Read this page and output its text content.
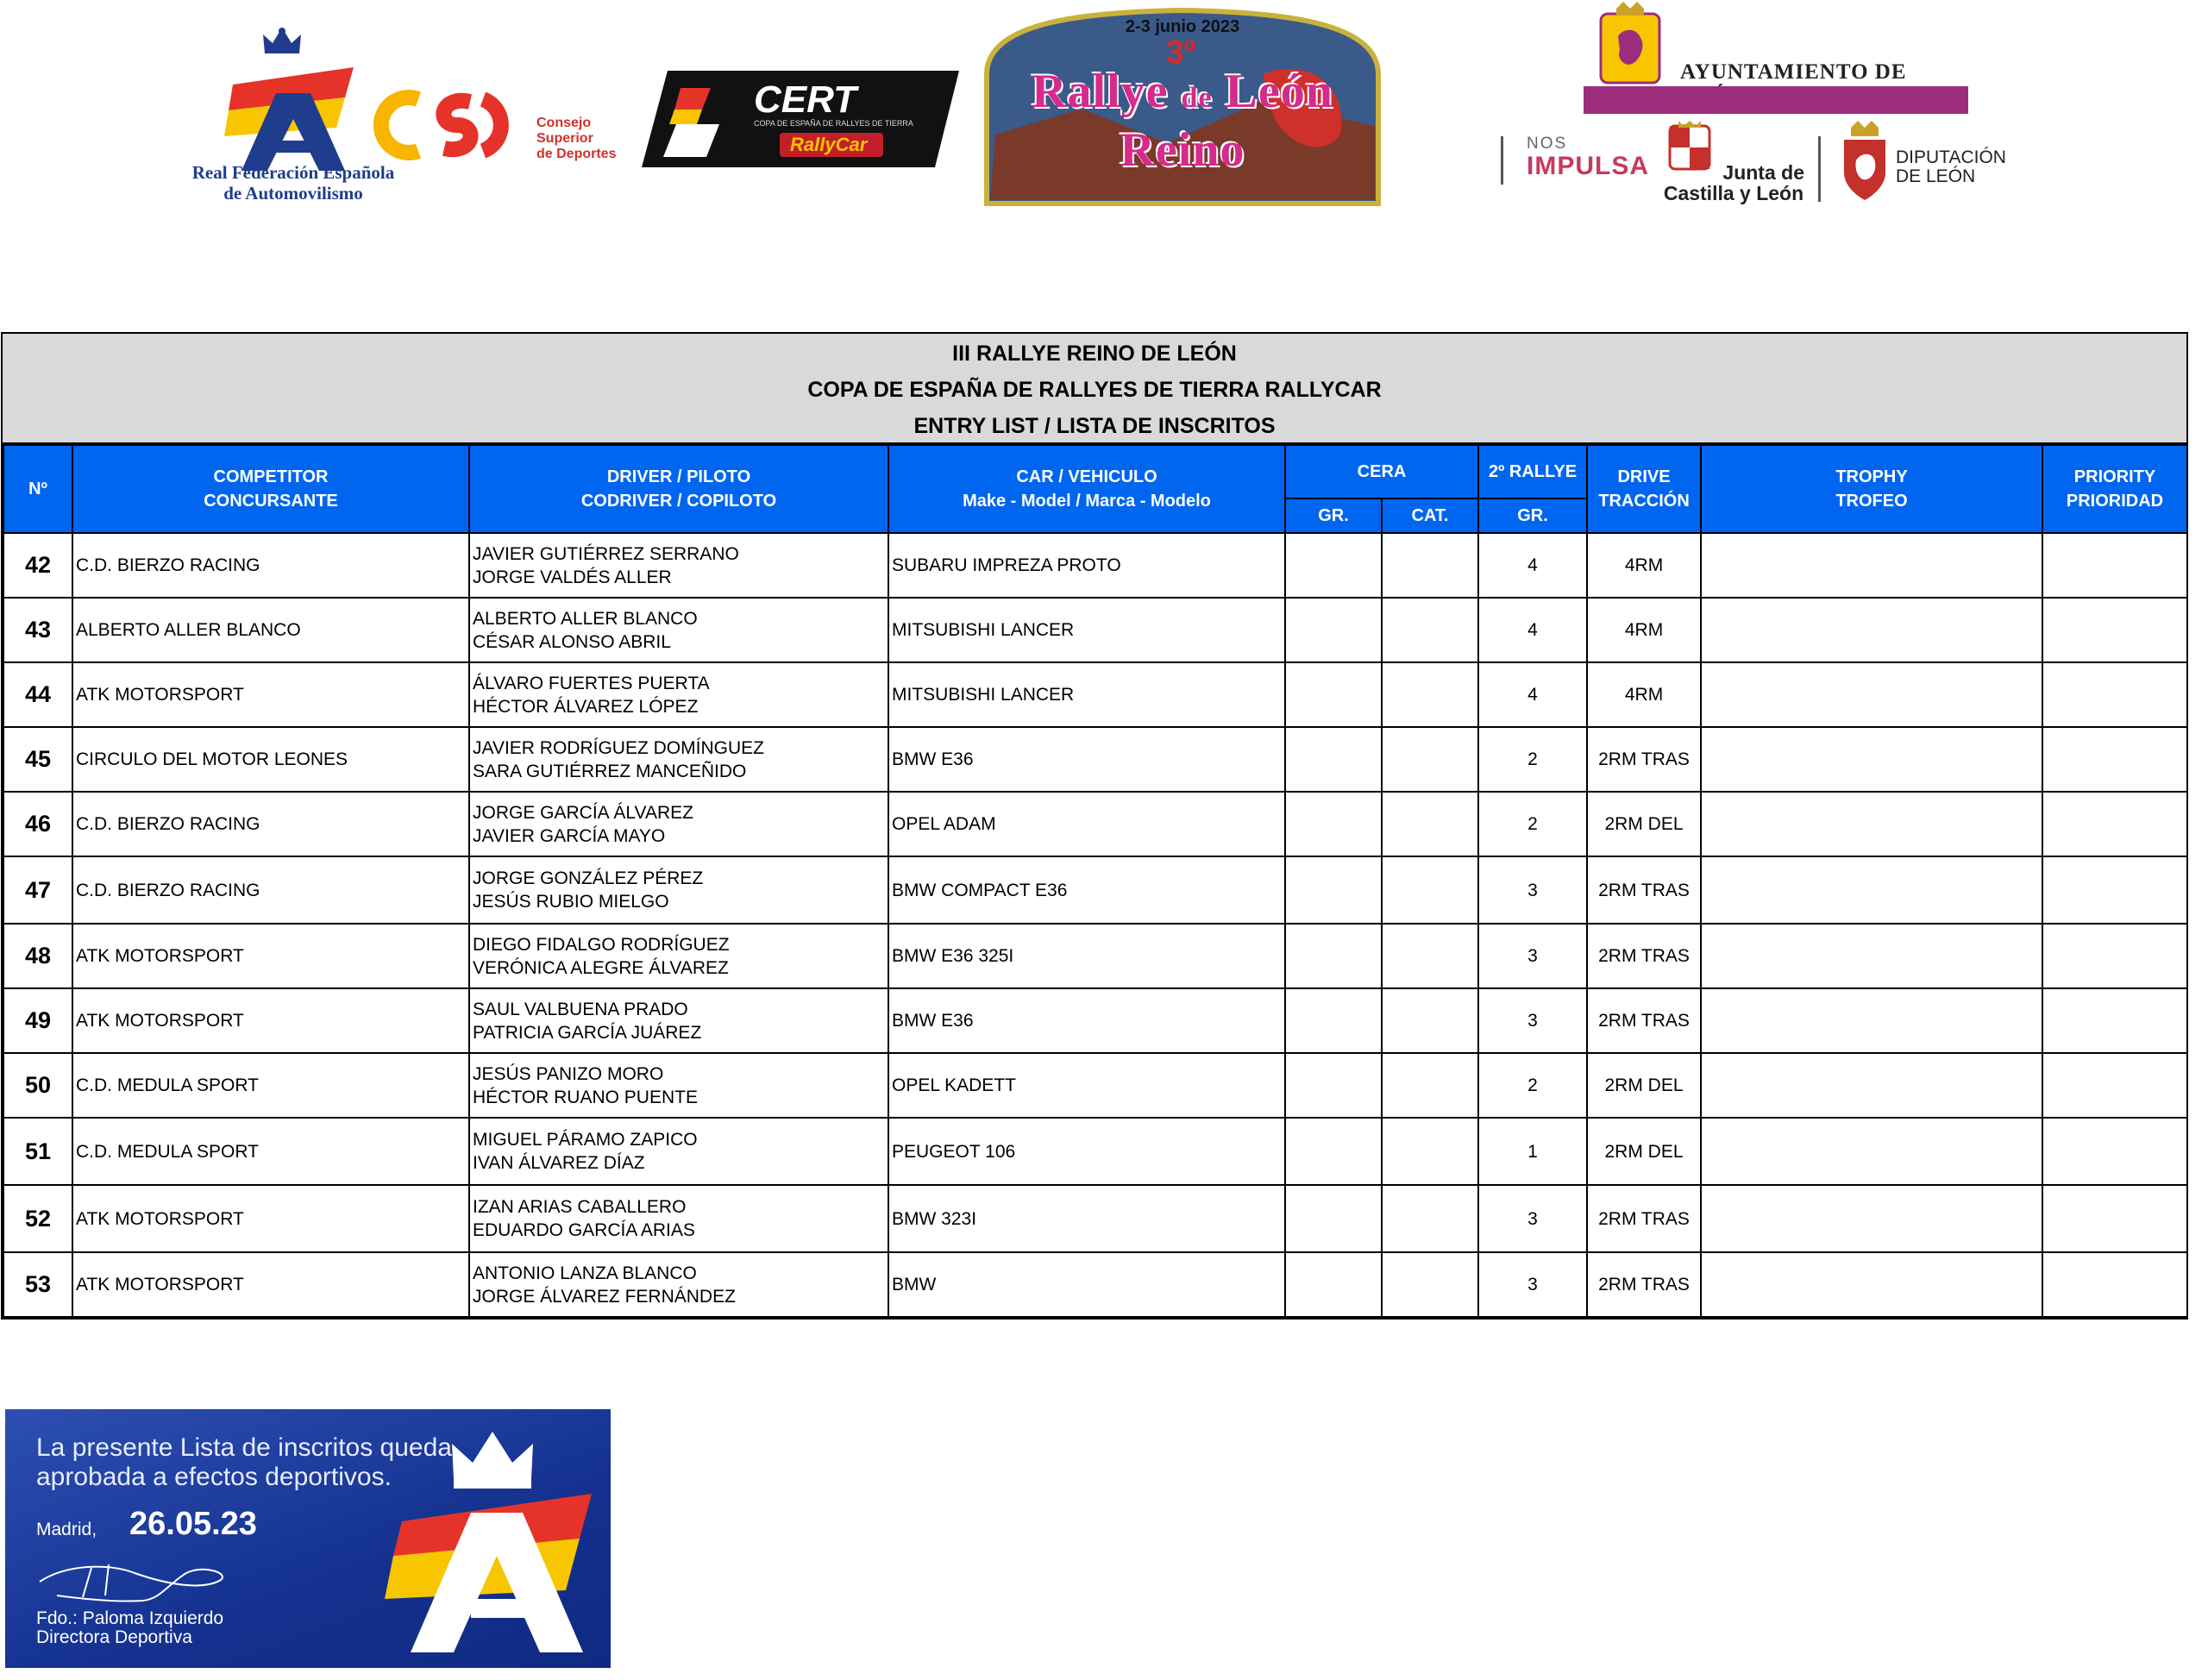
Real Federación Española
de Automovilismo
Consejo
Superior
de Deportes
CERT
COPA DE ESPAÑA DE RALLYES DE TIERRA
RallyCar
2-3 junio 2023
3º
Rallye de León
Reino
AYUNTAMIENTO DE
NOS
IMPULSA	Junta de
Castilla y León
DIPUTACIÓN
DE LEÓN
III RALLYE REINO DE LEÓN
COPA DE ESPAÑA DE RALLYES DE TIERRA RALLYCAR
ENTRY LIST / LISTA DE INSCRITOS
Nº	COMPETITOR
CONCURSANTE	DRIVER / PILOTO
CODRIVER / COPILOTO	CAR / VEHICULO
Make - Model / Marca - Modelo	CERA		2º RALLYE	DRIVE
TRACCIÓN	TROPHY
TROFEO	PRIORITY
PRIORIDAD
				GR.	CAT.	GR.			
42	C.D. BIERZO RACING	JAVIER GUTIÉRREZ SERRANO
JORGE VALDÉS ALLER	SUBARU IMPREZA PROTO			4	4RM		
43	ALBERTO ALLER BLANCO	ALBERTO ALLER BLANCO
CÉSAR ALONSO ABRIL	MITSUBISHI LANCER			4	4RM		
44	ATK MOTORSPORT	ÁLVARO FUERTES PUERTA
HÉCTOR ÁLVAREZ LÓPEZ	MITSUBISHI LANCER			4	4RM		
45	CIRCULO DEL MOTOR LEONES	JAVIER RODRÍGUEZ DOMÍNGUEZ
SARA GUTIÉRREZ MANCEÑIDO	BMW E36			2	2RM TRAS		
46	C.D. BIERZO RACING	JORGE GARCÍA ÁLVAREZ
JAVIER GARCÍA MAYO	OPEL ADAM			2	2RM DEL		
47	C.D. BIERZO RACING	JORGE GONZÁLEZ PÉREZ
JESÚS RUBIO MIELGO	BMW COMPACT E36			3	2RM TRAS		
48	ATK MOTORSPORT	DIEGO FIDALGO RODRÍGUEZ
VERÓNICA ALEGRE ÁLVAREZ	BMW E36 325I			3	2RM TRAS		
49	ATK MOTORSPORT	SAUL VALBUENA PRADO
PATRICIA GARCÍA JUÁREZ	BMW E36			3	2RM TRAS		
50	C.D. MEDULA SPORT	JESÚS PANIZO MORO
HÉCTOR RUANO PUENTE	OPEL KADETT			2	2RM DEL		
51	C.D. MEDULA SPORT	MIGUEL PÁRAMO ZAPICO
IVAN ÁLVAREZ DÍAZ	PEUGEOT 106			1	2RM DEL		
52	ATK MOTORSPORT	IZAN ARIAS CABALLERO
EDUARDO GARCÍA ARIAS	BMW 323I			3	2RM TRAS		
53	ATK MOTORSPORT	ANTONIO LANZA BLANCO
JORGE ÁLVAREZ FERNÁNDEZ	BMW			3	2RM TRAS		
La presente Lista de inscritos queda
aprobada a efectos deportivos.
Madrid, 26.05.23
Fdo.: Paloma Izquierdo
Directora Deportiva
